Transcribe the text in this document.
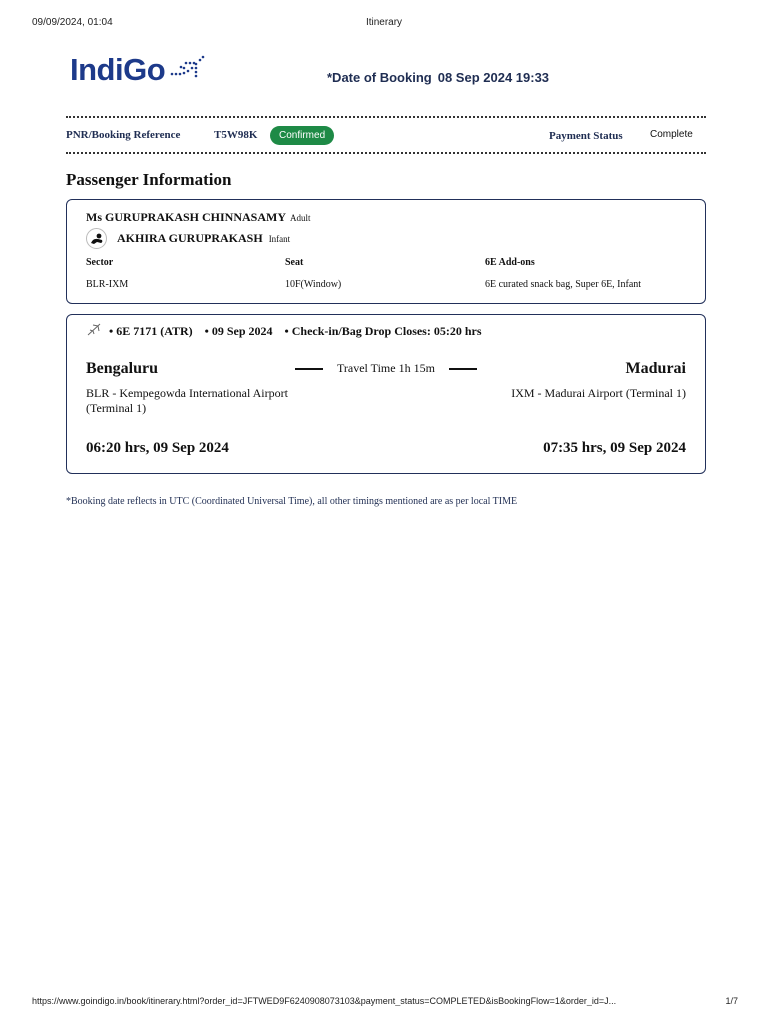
09/09/2024, 01:04	Itinerary
IndiGo	*Date of Booking 08 Sep 2024 19:33
PNR/Booking Reference	T5W98K	Confirmed	Payment Status	Complete
Passenger Information
Ms GURUPRAKASH CHINNASAMY Adult
AKHIRA GURUPRAKASH Infant
Sector	Seat	6E Add-ons
BLR-IXM	10F(Window)	6E curated snack bag, Super 6E, Infant
• 6E 7171 (ATR) • 09 Sep 2024 • Check-in/Bag Drop Closes: 05:20 hrs
Bengaluru	Travel Time 1h 15m	Madurai
BLR - Kempegowda International Airport (Terminal 1)
IXM - Madurai Airport (Terminal 1)
06:20 hrs, 09 Sep 2024	07:35 hrs, 09 Sep 2024
*Booking date reflects in UTC (Coordinated Universal Time), all other timings mentioned are as per local TIME
https://www.goindigo.in/book/itinerary.html?order_id=JFTWED9F6240908073103&payment_status=COMPLETED&isBookingFlow=1&order_id=J...	1/7
